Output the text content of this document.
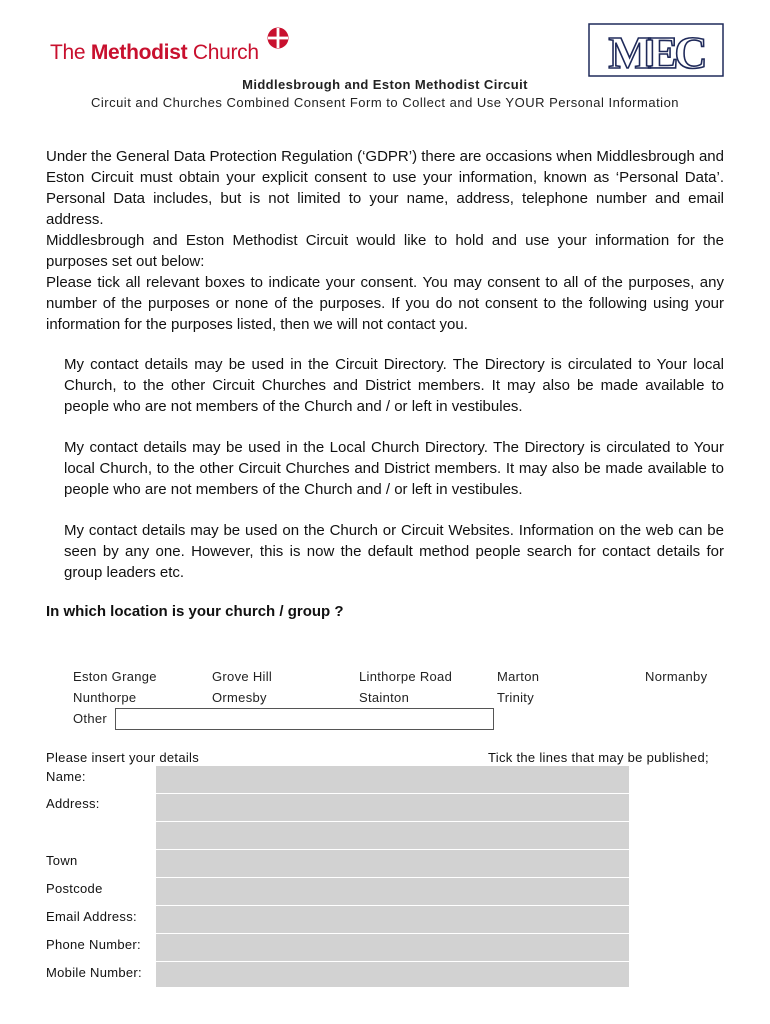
The Methodist Church	MEC
Middlesbrough and Eston Methodist Circuit
Circuit and Churches Combined Consent Form to Collect and Use YOUR Personal Information

Under the General Data Protection Regulation (‘GDPR’) there are occasions when Middlesbrough and Eston Circuit must obtain your explicit consent to use your information, known as ‘Personal Data’. Personal Data includes, but is not limited to your name, address, telephone number and email address.

Middlesbrough and Eston Methodist Circuit would like to hold and use your information for the purposes set out below:

Please tick all relevant boxes to indicate your consent. You may consent to all of the purposes, any number of the purposes or none of the purposes. If you do not consent to the following using your information for the purposes listed, then we will not contact you.

My contact details may be used in the Circuit Directory. The Directory is circulated to Your local Church, to the other Circuit Churches and District members. It may also be made available to people who are not members of the Church and / or left in vestibules.
My contact details may be used in the Local Church Directory. The Directory is circulated to Your local Church, to the other Circuit Churches and District members. It may also be made available to people who are not members of the Church and / or left in vestibules.
My contact details may be used on the Church or Circuit Websites. Information on the web can be seen by any one. However, this is now the default method people search for contact details for group leaders etc.
In which location is your church / group ?
Eston Grange	Grove Hill	Linthorpe Road	Marton	Normanby
Nunthorpe	Ormesby	Stainton	Trinity
Other
Please insert your details	Tick the lines that may be published;
Name:
Address:
Town
Postcode
Email Address:
Phone Number:
Mobile Number:
